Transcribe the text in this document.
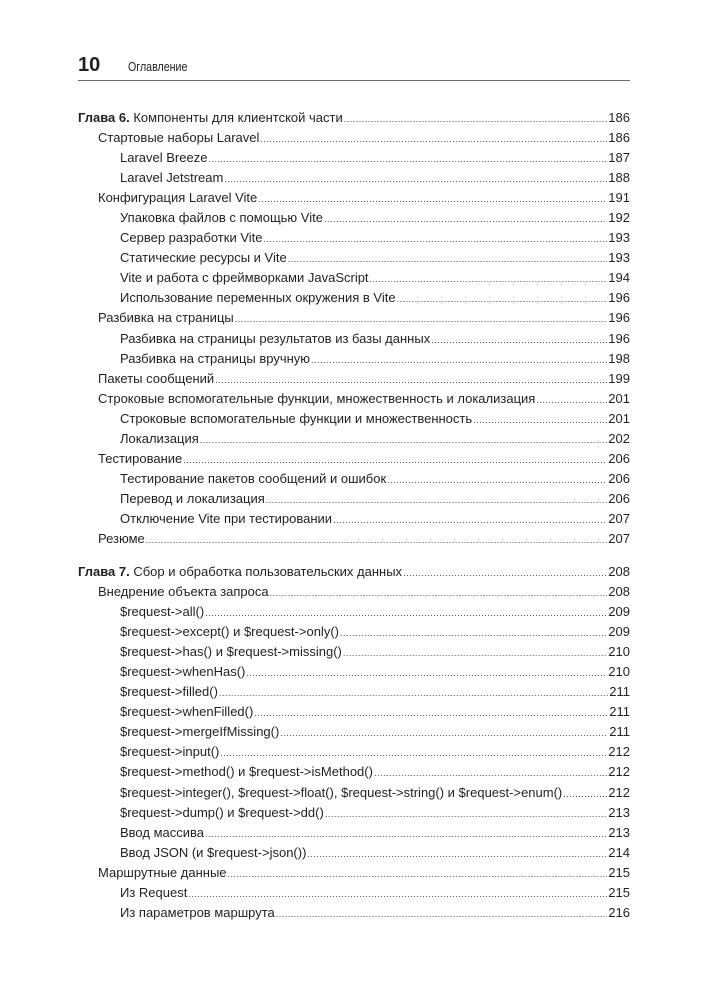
10 Оглавление
Глава 6. Компоненты для клиентской части .....	186
Стартовые наборы Laravel .....	186
Laravel Breeze .....	187
Laravel Jetstream .....	188
Конфигурация Laravel Vite .....	191
Упаковка файлов с помощью Vite .....	192
Сервер разработки Vite .....	193
Статические ресурсы и Vite .....	193
Vite и работа с фреймворками JavaScript .....	194
Использование переменных окружения в Vite .....	196
Разбивка на страницы .....	196
Разбивка на страницы результатов из базы данных .....	196
Разбивка на страницы вручную .....	198
Пакеты сообщений .....	199
Строковые вспомогательные функции, множественность и локализация .....	201
Строковые вспомогательные функции и множественность .....	201
Локализация .....	202
Тестирование .....	206
Тестирование пакетов сообщений и ошибок .....	206
Перевод и локализация .....	206
Отключение Vite при тестировании .....	207
Резюме .....	207
Глава 7. Сбор и обработка пользовательских данных .....	208
Внедрение объекта запроса .....	208
$request->all() .....	209
$request->except() и $request->only() .....	209
$request->has() и $request->missing() .....	210
$request->whenHas() .....	210
$request->filled() .....	211
$request->whenFilled() .....	211
$request->mergeIfMissing() .....	211
$request->input() .....	212
$request->method() и $request->isMethod() .....	212
$request->integer(), $request->float(), $request->string() и $request->enum() .....	212
$request->dump() и $request->dd() .....	213
Ввод массива .....	213
Ввод JSON (и $request->json()) .....	214
Маршрутные данные .....	215
Из Request .....	215
Из параметров маршрута .....	216
